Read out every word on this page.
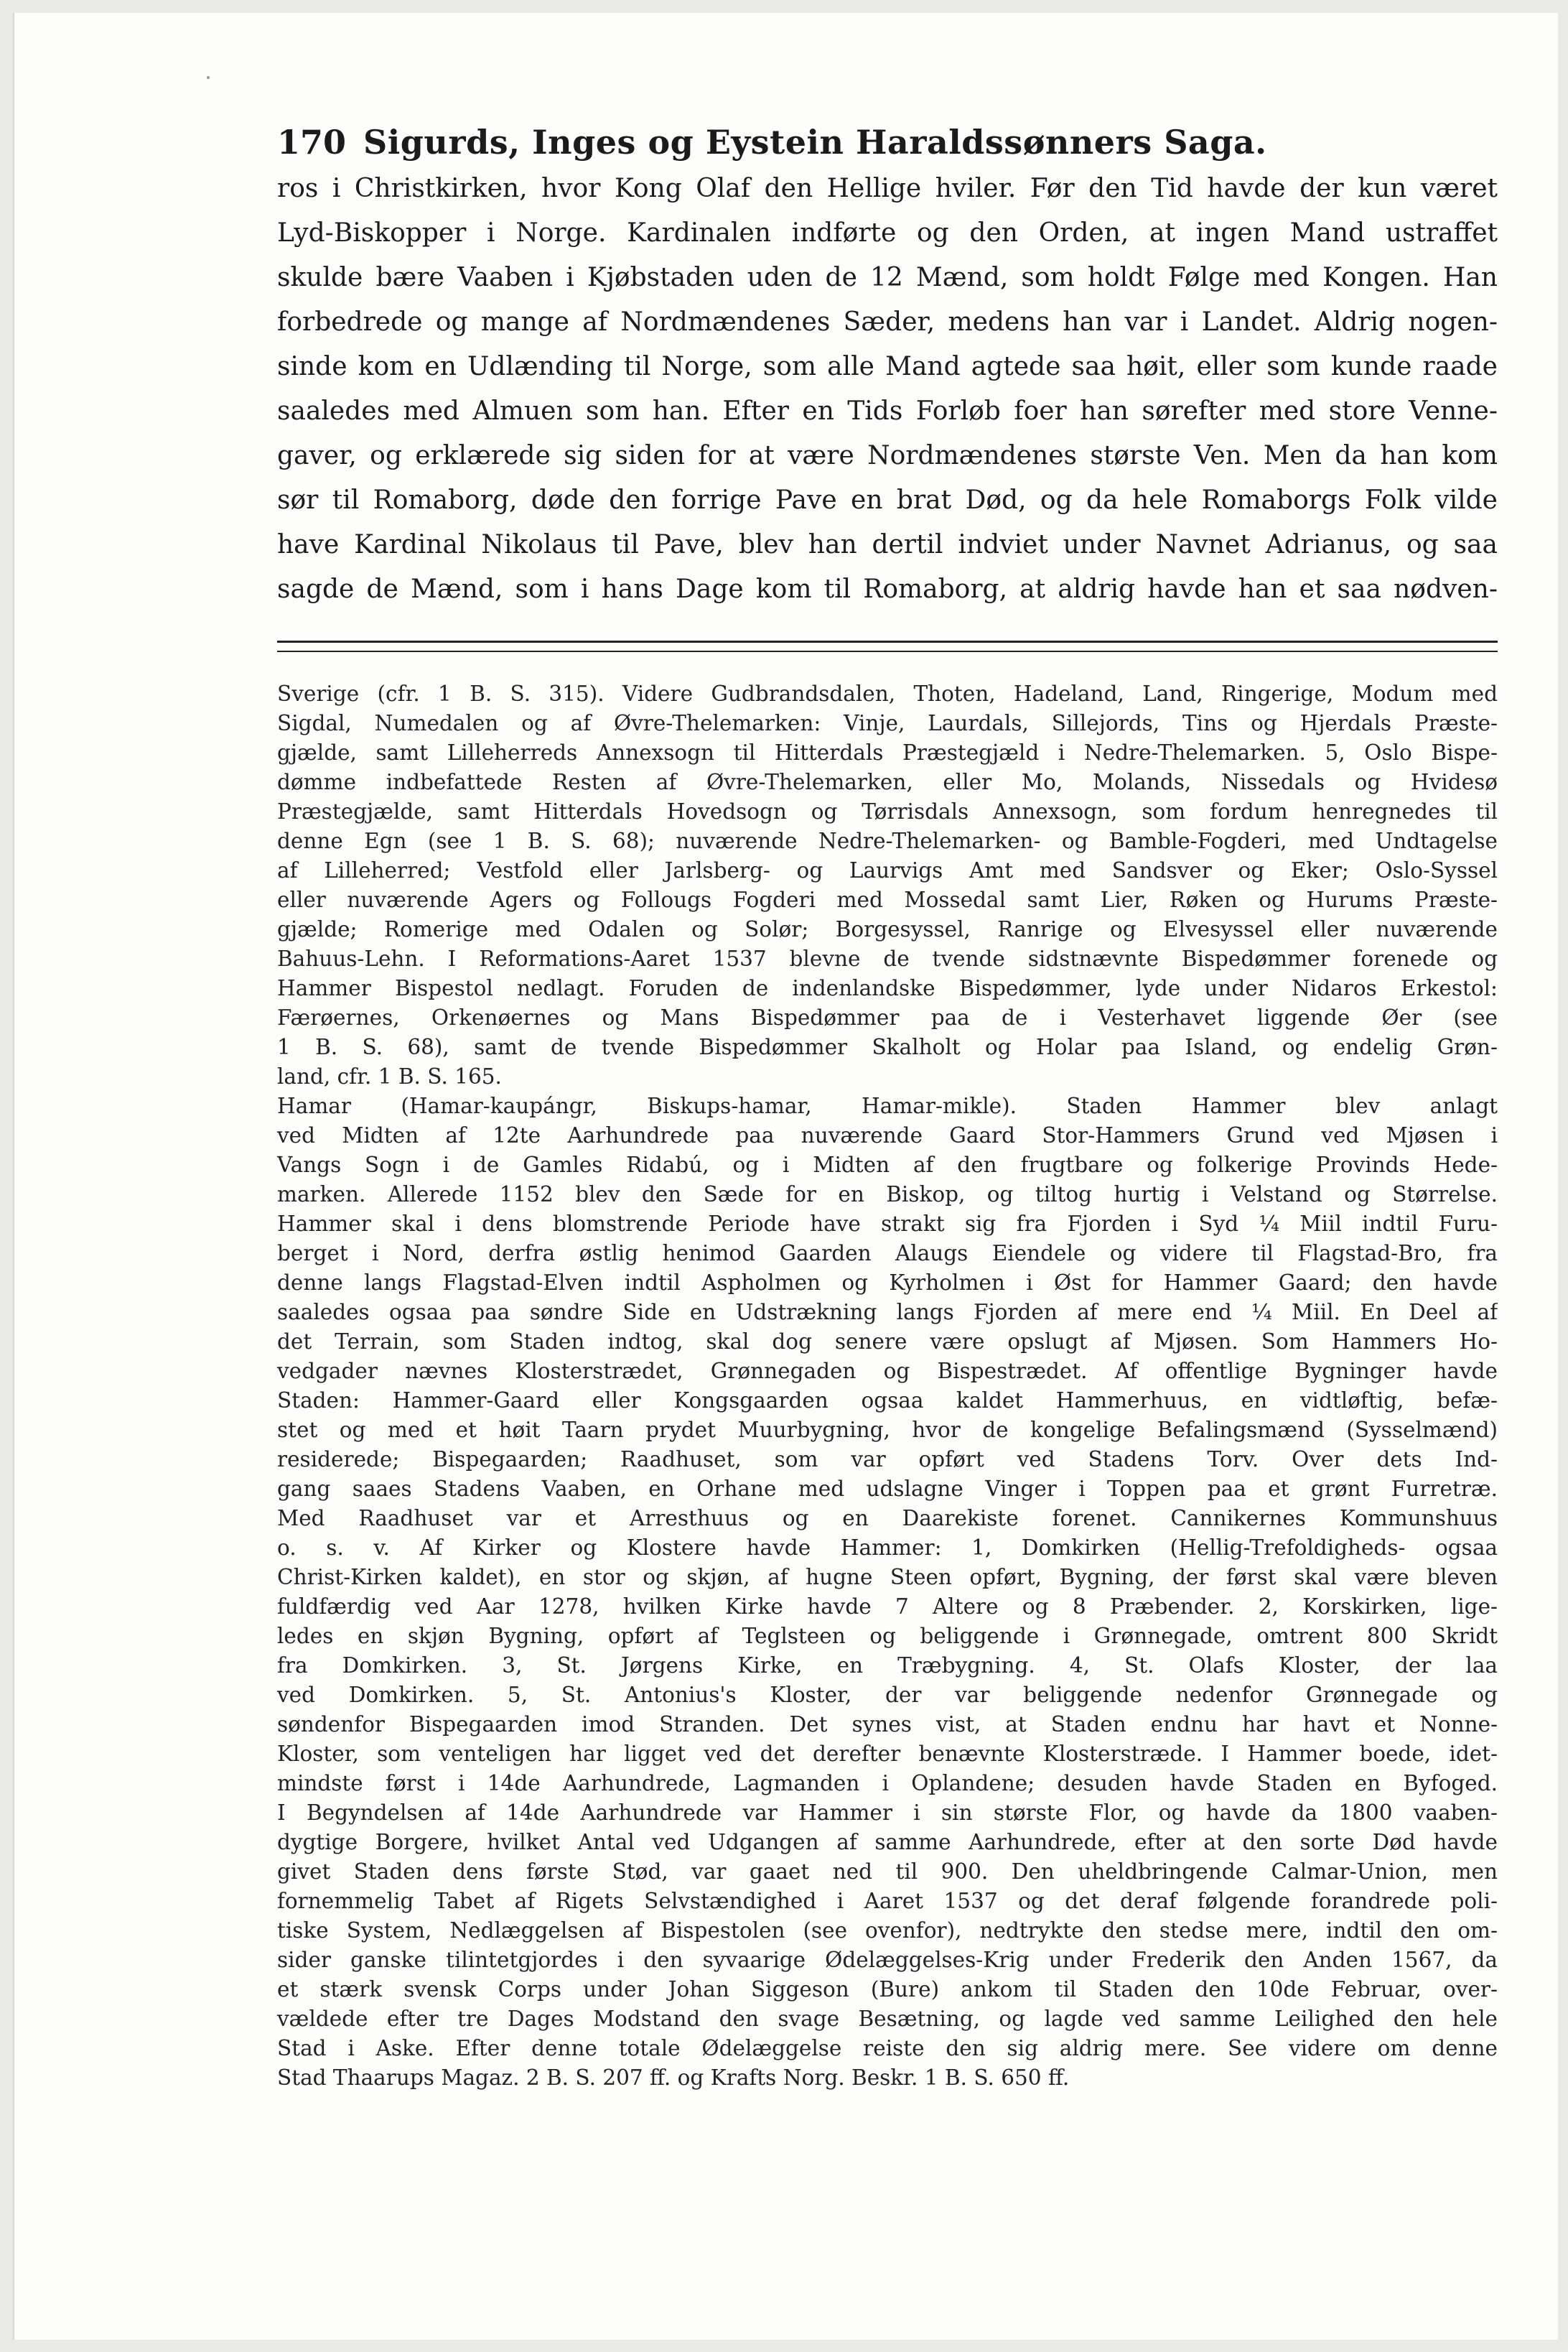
170 Sigurds, Inges og Eystein Haraldssønners Saga.
ros i Christkirken, hvor Kong Olaf den Hellige hviler. Før den Tid havde der kun været
Lyd-Biskopper i Norge. Kardinalen indførte og den Orden, at ingen Mand ustraffet
skulde bære Vaaben i Kjøbstaden uden de 12 Mænd, som holdt Følge med Kongen. Han
forbedrede og mange af Nordmændenes Sæder, medens han var i Landet. Aldrig nogen-
sinde kom en Udlænding til Norge, som alle Mand agtede saa høit, eller som kunde raade
saaledes med Almuen som han. Efter en Tids Forløb foer han sørefter med store Venne-
gaver, og erklærede sig siden for at være Nordmændenes største Ven. Men da han kom
sør til Romaborg, døde den forrige Pave en brat Død, og da hele Romaborgs Folk vilde
have Kardinal Nikolaus til Pave, blev han dertil indviet under Navnet Adrianus, og saa
sagde de Mænd, som i hans Dage kom til Romaborg, at aldrig havde han et saa nødven-
Sverige (cfr. 1 B. S. 315). Videre Gudbrandsdalen, Thoten, Hadeland, Land, Ringerige, Modum med
Sigdal, Numedalen og af Øvre-Thelemarken: Vinje, Laurdals, Sillejords, Tins og Hjerdals Præste-
gjælde, samt Lilleherreds Annexsogn til Hitterdals Præstegjæld i Nedre-Thelemarken. 5, Oslo Bispe-
dømme indbefattede Resten af Øvre-Thelemarken, eller Mo, Molands, Nissedals og Hvidesø
Præstegjælde, samt Hitterdals Hovedsogn og Tørrisdals Annexsogn, som fordum henregnedes til
denne Egn (see 1 B. S. 68); nuværende Nedre-Thelemarken- og Bamble-Fogderi, med Undtagelse
af Lilleherred; Vestfold eller Jarlsberg- og Laurvigs Amt med Sandsver og Eker; Oslo-Syssel
eller nuværende Agers og Follougs Fogderi med Mossedal samt Lier, Røken og Hurums Præste-
gjælde; Romerige med Odalen og Solør; Borgesyssel, Ranrige og Elvesyssel eller nuværende
Bahuus-Lehn. I Reformations-Aaret 1537 blevne de tvende sidstnævnte Bispedømmer forenede og
Hammer Bispestol nedlagt. Foruden de indenlandske Bispedømmer, lyde under Nidaros Erkestol:
Færøernes, Orkenøernes og Mans Bispedømmer paa de i Vesterhavet liggende Øer (see
1 B. S. 68), samt de tvende Bispedømmer Skalholt og Holar paa Island, og endelig Grøn-
land, cfr. 1 B. S. 165.
Hamar (Hamar-kaupángr, Biskups-hamar, Hamar-mikle). Staden Hammer blev anlagt
ved Midten af 12te Aarhundrede paa nuværende Gaard Stor-Hammers Grund ved Mjøsen i
Vangs Sogn i de Gamles Ridabú, og i Midten af den frugtbare og folkerige Provinds Hede-
marken. Allerede 1152 blev den Sæde for en Biskop, og tiltog hurtig i Velstand og Størrelse.
Hammer skal i dens blomstrende Periode have strakt sig fra Fjorden i Syd ¼ Miil indtil Furu-
berget i Nord, derfra østlig henimod Gaarden Alaugs Eiendele og videre til Flagstad-Bro, fra
denne langs Flagstad-Elven indtil Aspholmen og Kyrholmen i Øst for Hammer Gaard; den havde
saaledes ogsaa paa søndre Side en Udstrækning langs Fjorden af mere end ¼ Miil. En Deel af
det Terrain, som Staden indtog, skal dog senere være opslugt af Mjøsen. Som Hammers Ho-
vedgader nævnes Klosterstrædet, Grønnegaden og Bispestrædet. Af offentlige Bygninger havde
Staden: Hammer-Gaard eller Kongsgaarden ogsaa kaldet Hammerhuus, en vidtløftig, befæ-
stet og med et høit Taarn prydet Muurbygning, hvor de kongelige Befalingsmænd (Sysselmænd)
residerede; Bispegaarden; Raadhuset, som var opført ved Stadens Torv. Over dets Ind-
gang saaes Stadens Vaaben, en Orhane med udslagne Vinger i Toppen paa et grønt Furretræ.
Med Raadhuset var et Arresthuus og en Daarekiste forenet. Cannikernes Kommunshuus
o. s. v. Af Kirker og Klostere havde Hammer: 1, Domkirken (Hellig-Trefoldigheds- ogsaa
Christ-Kirken kaldet), en stor og skjøn, af hugne Steen opført, Bygning, der først skal være bleven
fuldfærdig ved Aar 1278, hvilken Kirke havde 7 Altere og 8 Præbender. 2, Korskirken, lige-
ledes en skjøn Bygning, opført af Teglsteen og beliggende i Grønnegade, omtrent 800 Skridt
fra Domkirken. 3, St. Jørgens Kirke, en Træbygning. 4, St. Olafs Kloster, der laa
ved Domkirken. 5, St. Antonius's Kloster, der var beliggende nedenfor Grønnegade og
søndenfor Bispegaarden imod Stranden. Det synes vist, at Staden endnu har havt et Nonne-
Kloster, som venteligen har ligget ved det derefter benævnte Klosterstræde. I Hammer boede, idet-
mindste først i 14de Aarhundrede, Lagmanden i Oplandene; desuden havde Staden en Byfoged.
I Begyndelsen af 14de Aarhundrede var Hammer i sin største Flor, og havde da 1800 vaaben-
dygtige Borgere, hvilket Antal ved Udgangen af samme Aarhundrede, efter at den sorte Død havde
givet Staden dens første Stød, var gaaet ned til 900. Den uheldbringende Calmar-Union, men
fornemmelig Tabet af Rigets Selvstændighed i Aaret 1537 og det deraf følgende forandrede poli-
tiske System, Nedlæggelsen af Bispestolen (see ovenfor), nedtrykte den stedse mere, indtil den om-
sider ganske tilintetgjordes i den syvaarige Ødelæggelses-Krig under Frederik den Anden 1567, da
et stærk svensk Corps under Johan Siggeson (Bure) ankom til Staden den 10de Februar, over-
vældede efter tre Dages Modstand den svage Besætning, og lagde ved samme Leilighed den hele
Stad i Aske. Efter denne totale Ødelæggelse reiste den sig aldrig mere. See videre om denne
Stad Thaarups Magaz. 2 B. S. 207 ff. og Krafts Norg. Beskr. 1 B. S. 650 ff.
